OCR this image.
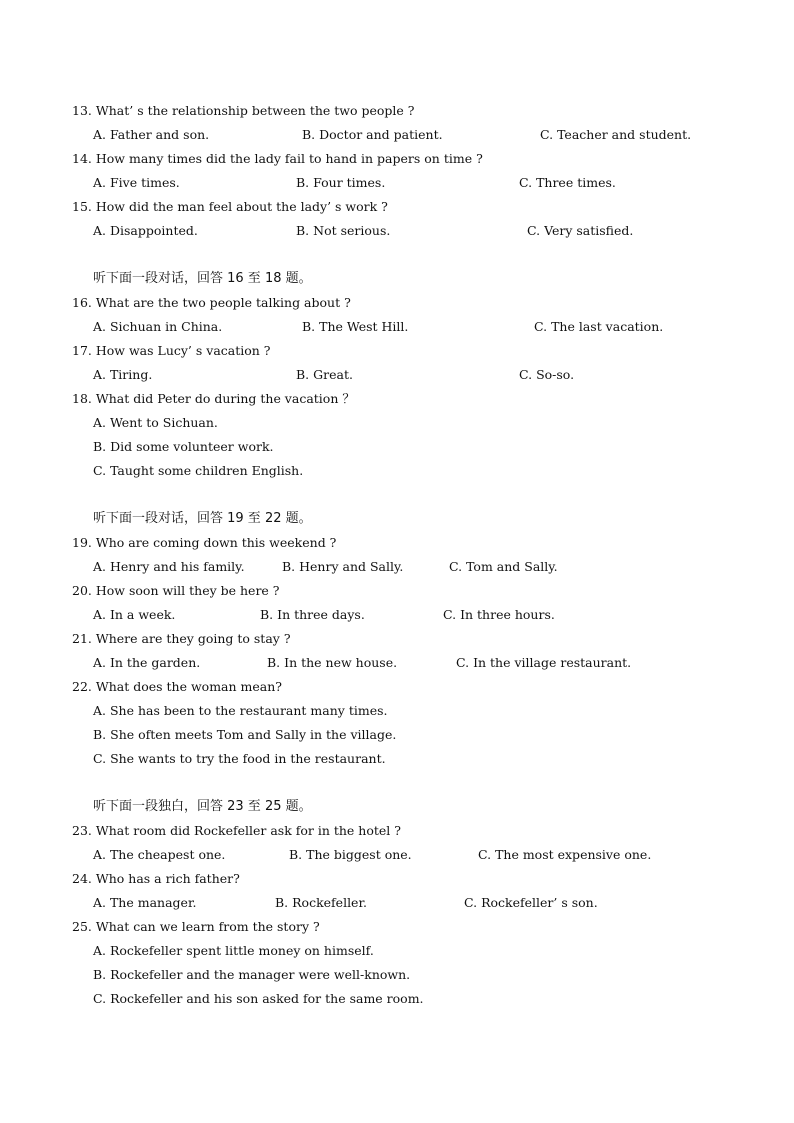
13. What’ s the relationship between the two people ?
A. Father and son.	B. Doctor and patient.	C. Teacher and student.
14. How many times did the lady fail to hand in papers on time ?
A. Five times.	B. Four times.	C. Three times.
15. How did the man feel about the lady’ s work ?
A. Disappointed.	B. Not serious.	C. Very satisfied.
听下面一段对话，回答 16 至 18 题。
16. What are the two people talking about ?
A. Sichuan in China.	B. The West Hill.	C. The last vacation.
17. How was Lucy’ s vacation ?
A. Tiring.	B. Great.	C. So-so.
18. What did Peter do during the vacation ？
A. Went to Sichuan.
B. Did some volunteer work.
C. Taught some children English.
听下面一段对话，回答 19 至 22 题。
19. Who are coming down this weekend ?
A. Henry and his family.	B. Henry and Sally.	C. Tom and Sally.
20. How soon will they be here ?
A. In a week.	B. In three days.	C. In three hours.
21. Where are they going to stay ?
A. In the garden.	B. In the new house.	C. In the village restaurant.
22. What does the woman mean?
A. She has been to the restaurant many times.
B. She often meets Tom and Sally in the village.
C. She wants to try the food in the restaurant.
听下面一段独白，回答 23 至 25 题。
23. What room did Rockefeller ask for in the hotel ?
A. The cheapest one.	B. The biggest one.	C. The most expensive one.
24. Who has a rich father?
A. The manager.	B. Rockefeller.	C. Rockefeller’ s son.
25. What can we learn from the story ?
A. Rockefeller spent little money on himself.
B. Rockefeller and the manager were well-known.
C. Rockefeller and his son asked for the same room.
